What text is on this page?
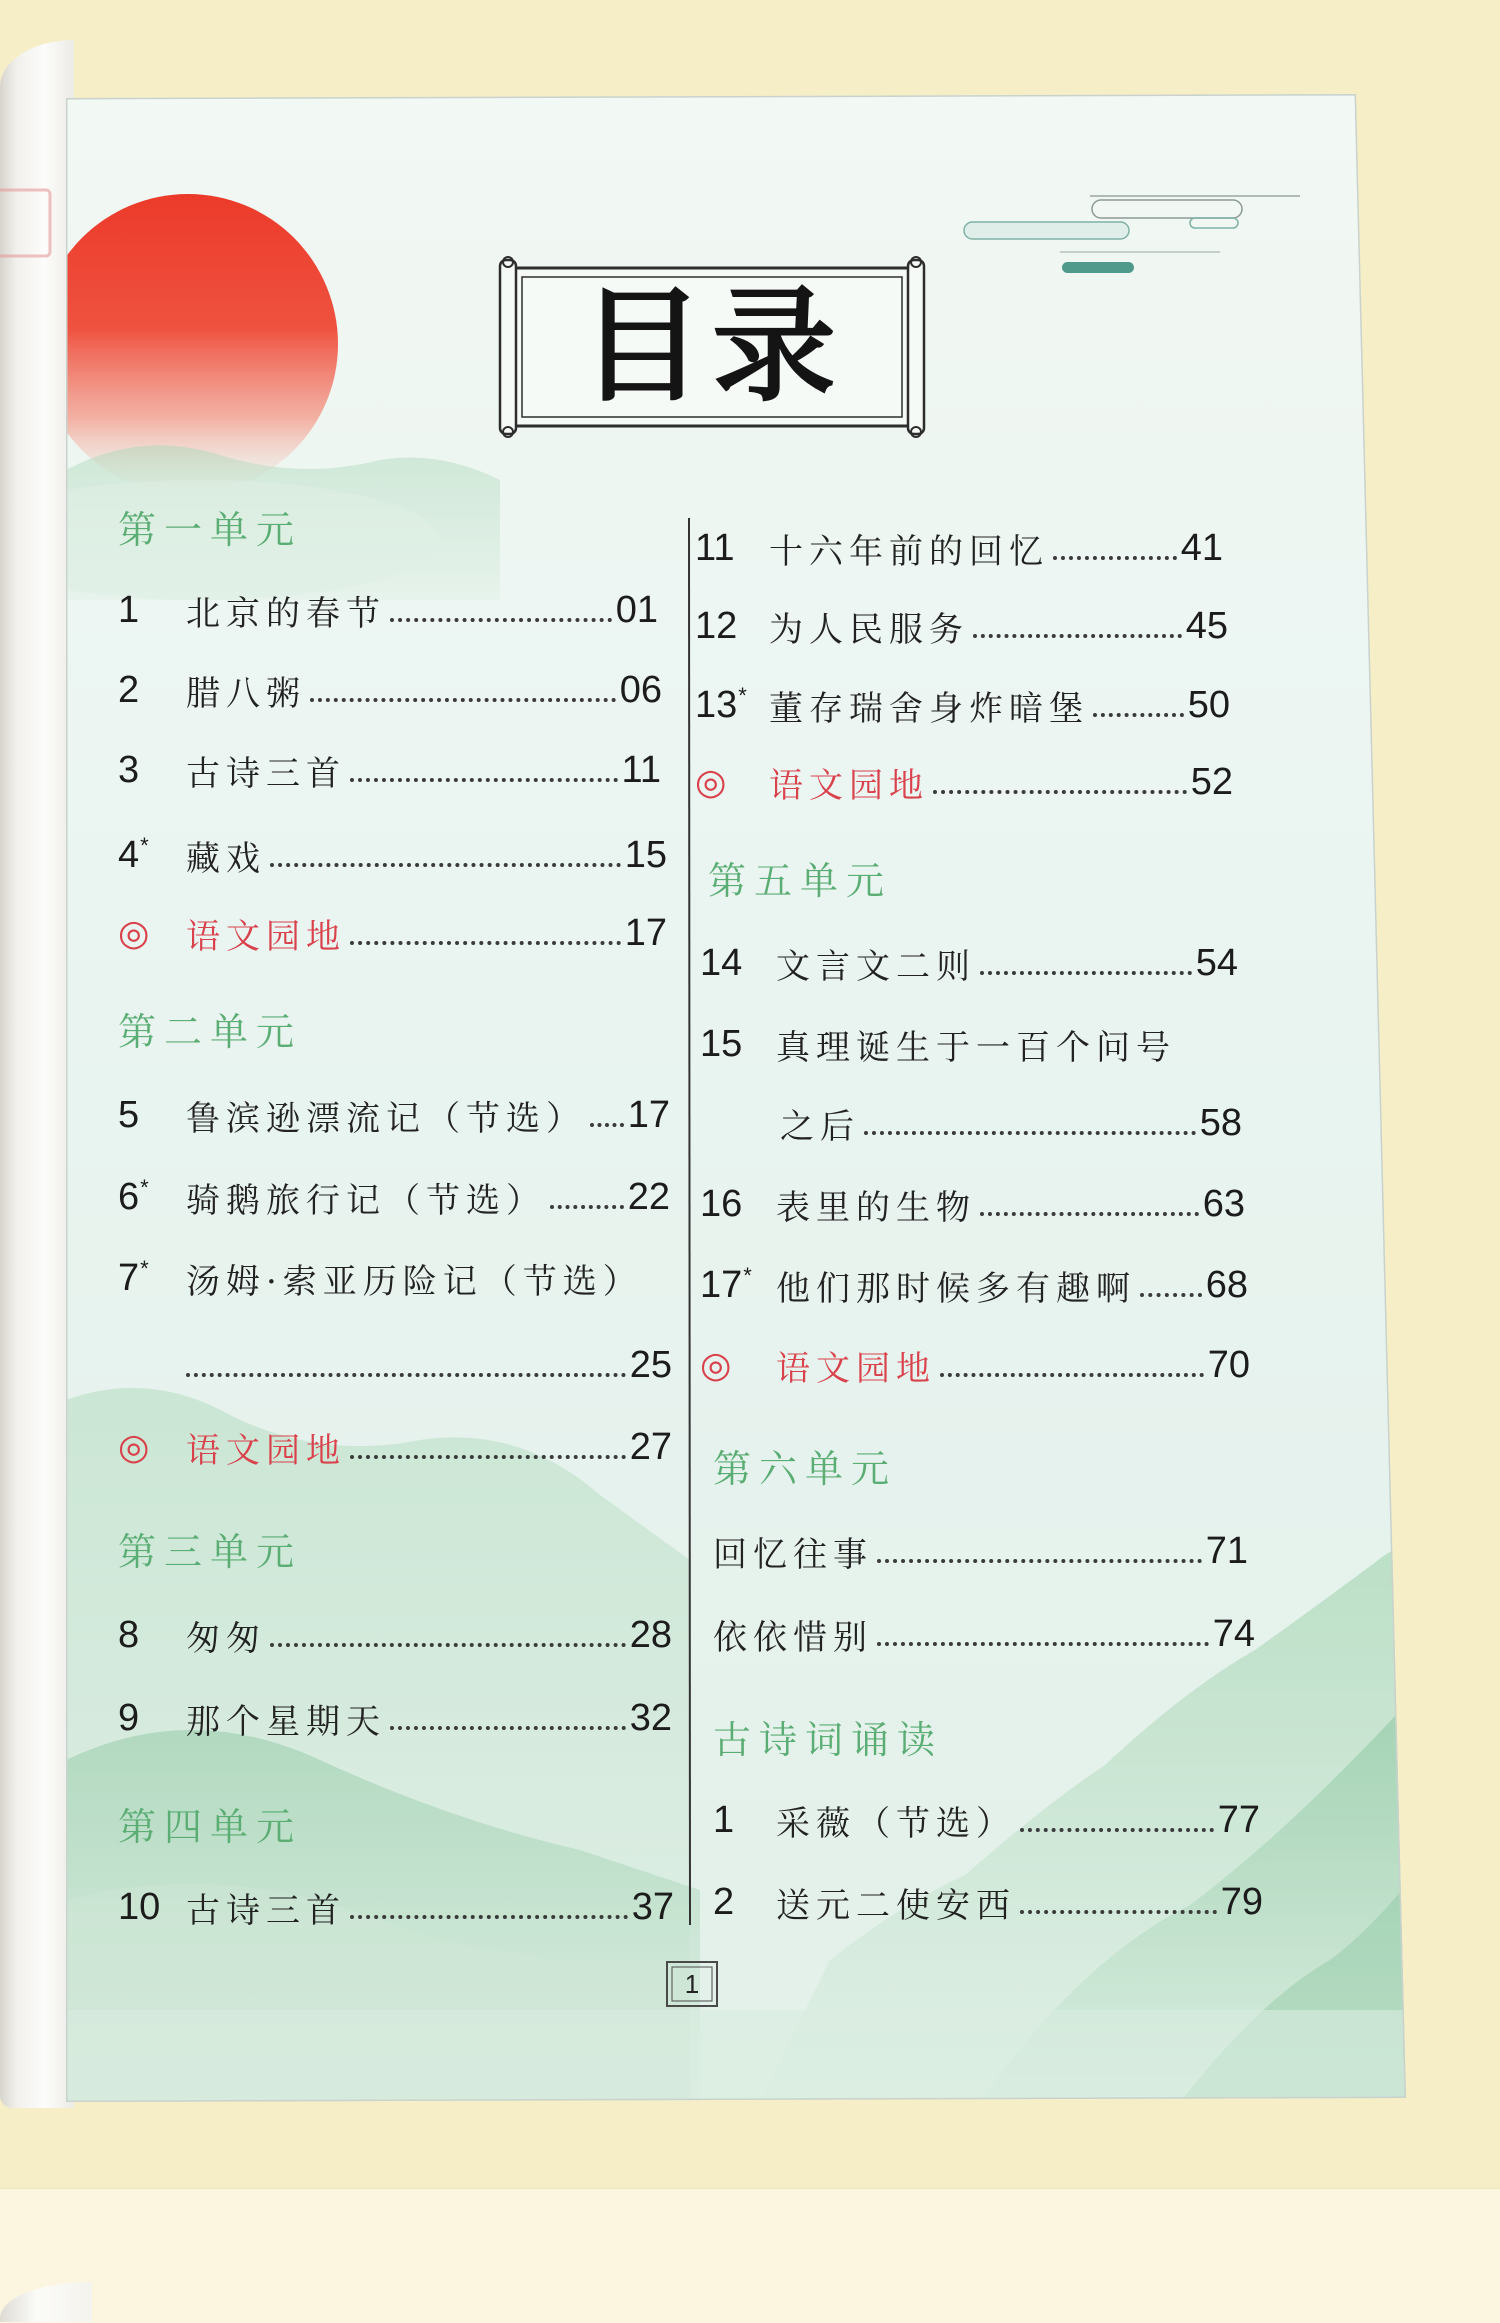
目录
第一单元
1	北京的春节	01
2	腊八粥	06
3	古诗三首	11
4*	藏戏	15
◎	语文园地	17
第二单元
5	鲁滨逊漂流记（节选） 17
6*	骑鹅旅行记（节选） 22
7*	汤姆·索亚历险记（节选）
25
◎	语文园地	27
第三单元
8	匆匆	28
9	那个星期天	32
第四单元
10 古诗三首	37
11	十六年前的回忆	41
12 为人民服务	45
13* 董存瑞舍身炸暗堡	50
◎	语文园地	52
第五单元
14 文言文二则	54
15 真理诞生于一百个问号
之后	58
16 表里的生物	63
17* 他们那时候多有趣啊 68
◎	语文园地	70
第六单元
回忆往事	71
依依惜别	74
古诗词诵读
1	采薇（节选）	77
2	送元二使安西	79
1
